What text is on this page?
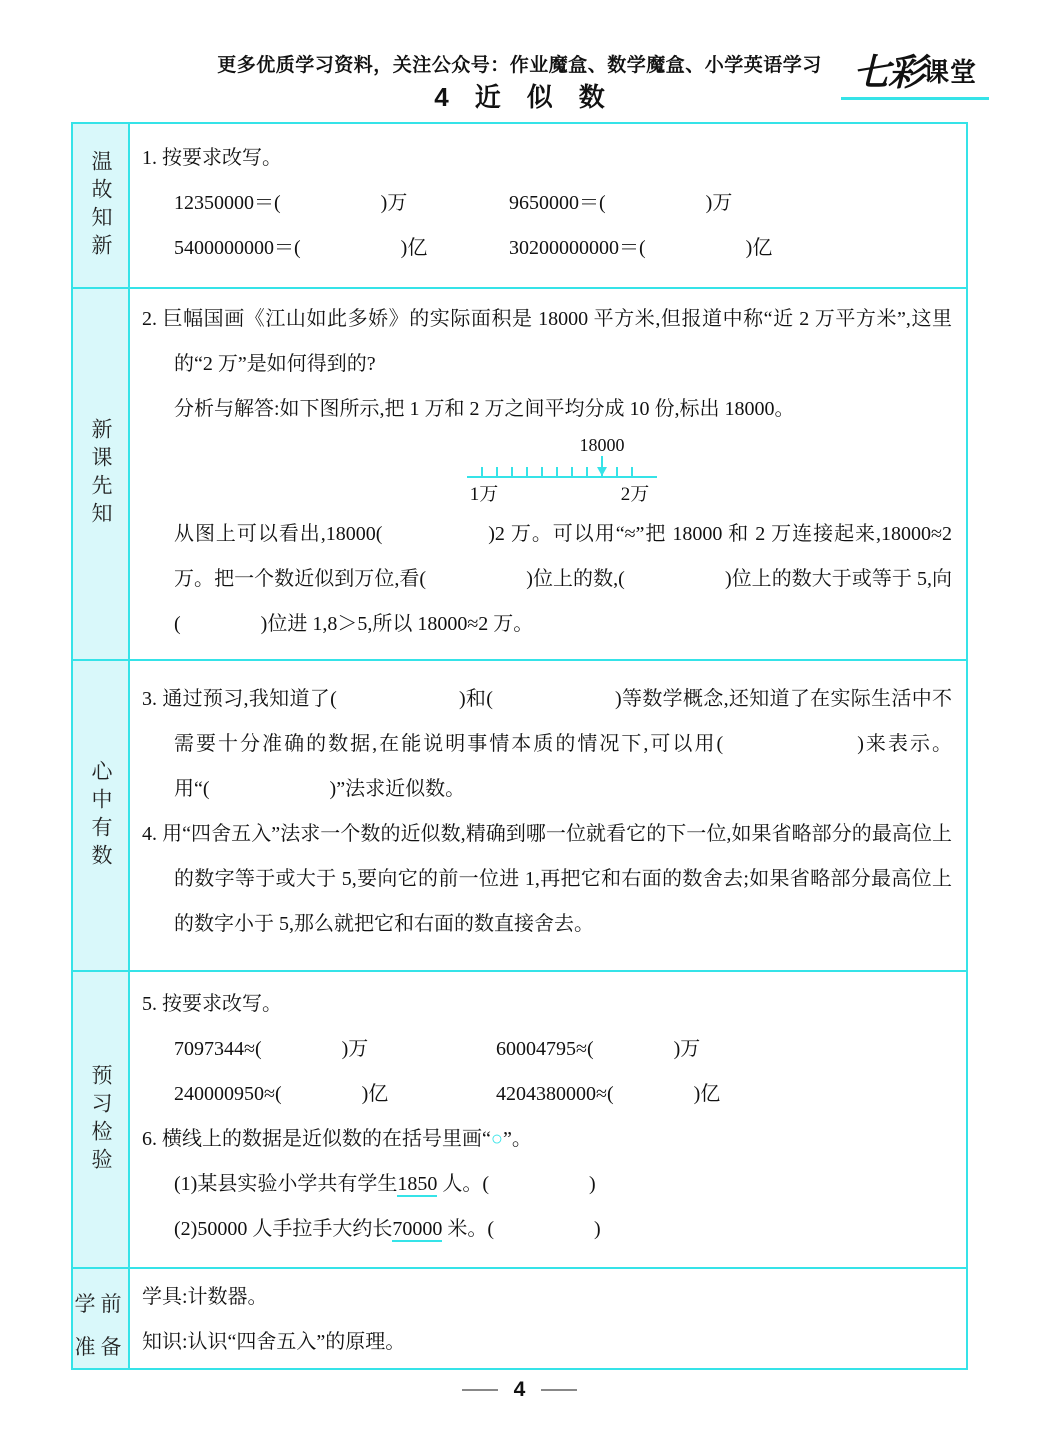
更多优质学习资料，关注公众号：作业魔盒、数学魔盒、小学英语学习 七彩课堂
4　近　似　数
温故知新 1. 按要求改写。
12350000＝(　　　　　)万	9650000＝(　　　　　)万
5400000000＝(　　　　　)亿	30200000000＝(　　　　　)亿
新课先知
2. 巨幅国画《江山如此多娇》的实际面积是 18000 平方米,但报道中称“近 2 万平方米”,这里的“2 万”是如何得到的?
分析与解答:如下图所示,把 1 万和 2 万之间平均分成 10 份,标出 18000。
18000
1万	2万
从图上可以看出,18000(　　　　　)2 万。可以用“≈”把 18000 和 2 万连接起来,18000≈2 万。把一个数近似到万位,看(　　　　　)位上的数,(　　　　　)位上的数大于或等于 5,向(　　　　)位进 1,8＞5,所以 18000≈2 万。
心中有数
3. 通过预习,我知道了(　　　　　　)和(　　　　　　)等数学概念,还知道了在实际生活中不需要十分准确的数据,在能说明事情本质的情况下,可以用(　　　　　　)来表示。用“(　　　　　　)”法求近似数。
4. 用“四舍五入”法求一个数的近似数,精确到哪一位就看它的下一位,如果省略部分的最高位上的数字等于或大于 5,要向它的前一位进 1,再把它和右面的数舍去;如果省略部分最高位上的数字小于 5,那么就把它和右面的数直接舍去。
预习检验
5. 按要求改写。
7097344≈(　　　　)万	60004795≈(　　　　)万
240000950≈(　　　　)亿	4204380000≈(　　　　)亿
6. 横线上的数据是近似数的在括号里画“○”。
(1)某县实验小学共有学生1850 人。(　　　　　)
(2)50000 人手拉手大约长70000 米。(　　　　　)
学前
准备
学具:计数器。
知识:认识“四舍五入”的原理。
4
